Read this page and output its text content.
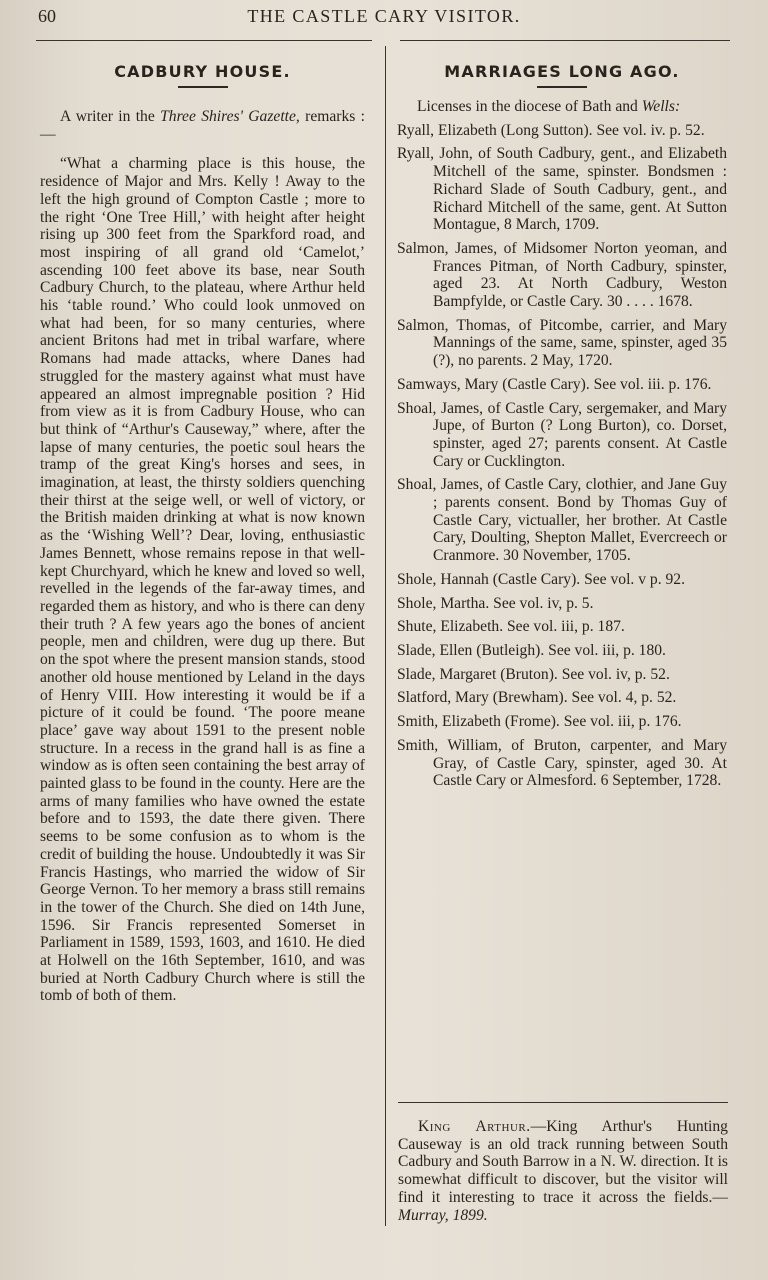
60	THE CASTLE CARY VISITOR.
CADBURY HOUSE.

A writer in the Three Shires' Gazette, remarks :—

“What a charming place is this house, the residence of Major and Mrs. Kelly ! Away to the left the high ground of Compton Castle ; more to the right ‘One Tree Hill,’ with height after height rising up 300 feet from the Sparkford road, and most inspiring of all grand old ‘Camelot,’ ascending 100 feet above its base, near South Cadbury Church, to the plateau, where Arthur held his ‘table round.’ Who could look unmoved on what had been, for so many centuries, where ancient Britons had met in tribal warfare, where Romans had made attacks, where Danes had struggled for the mastery against what must have appeared an almost impregnable position ? Hid from view as it is from Cadbury House, who can but think of “Arthur's Causeway,” where, after the lapse of many centuries, the poetic soul hears the tramp of the great King's horses and sees, in imagination, at least, the thirsty soldiers quenching their thirst at the seige well, or well of victory, or the British maiden drinking at what is now known as the ‘Wishing Well’? Dear, loving, enthusiastic James Bennett, whose remains repose in that well-kept Churchyard, which he knew and loved so well, revelled in the legends of the far-away times, and regarded them as history, and who is there can deny their truth ? A few years ago the bones of ancient people, men and children, were dug up there. But on the spot where the present mansion stands, stood another old house mentioned by Leland in the days of Henry VIII. How interesting it would be if a picture of it could be found. ‘The poore meane place’ gave way about 1591 to the present noble structure. In a recess in the grand hall is as fine a window as is often seen containing the best array of painted glass to be found in the county. Here are the arms of many families who have owned the estate before and to 1593, the date there given. There seems to be some confusion as to whom is the credit of building the house. Undoubtedly it was Sir Francis Hastings, who married the widow of Sir George Vernon. To her memory a brass still remains in the tower of the Church. She died on 14th June, 1596. Sir Francis represented Somerset in Parliament in 1589, 1593, 1603, and 1610. He died at Holwell on the 16th September, 1610, and was buried at North Cadbury Church where is still the tomb of both of them.

MARRIAGES LONG AGO.

Licenses in the diocese of Bath and Wells:

Ryall, Elizabeth (Long Sutton). See vol. iv. p. 52.

Ryall, John, of South Cadbury, gent., and Elizabeth Mitchell of the same, spinster. Bondsmen : Richard Slade of South Cadbury, gent., and Richard Mitchell of the same, gent. At Sutton Montague, 8 March, 1709.

Salmon, James, of Midsomer Norton yeoman, and Frances Pitman, of North Cadbury, spinster, aged 23. At North Cadbury, Weston Bampfylde, or Castle Cary. 30 . . . . 1678.

Salmon, Thomas, of Pitcombe, carrier, and Mary Mannings of the same, same, spinster, aged 35 (?), no parents. 2 May, 1720.

Samways, Mary (Castle Cary). See vol. iii. p. 176.

Shoal, James, of Castle Cary, sergemaker, and Mary Jupe, of Burton (? Long Burton), co. Dorset, spinster, aged 27; parents consent. At Castle Cary or Cucklington.

Shoal, James, of Castle Cary, clothier, and Jane Guy ; parents consent. Bond by Thomas Guy of Castle Cary, victualler, her brother. At Castle Cary, Doulting, Shepton Mallet, Evercreech or Cranmore. 30 November, 1705.

Shole, Hannah (Castle Cary). See vol. v p. 92.

Shole, Martha. See vol. iv, p. 5.

Shute, Elizabeth. See vol. iii, p. 187.

Slade, Ellen (Butleigh). See vol. iii, p. 180.

Slade, Margaret (Bruton). See vol. iv, p. 52.

Slatford, Mary (Brewham). See vol. 4, p. 52.

Smith, Elizabeth (Frome). See vol. iii, p. 176.

Smith, William, of Bruton, carpenter, and Mary Gray, of Castle Cary, spinster, aged 30. At Castle Cary or Almesford. 6 September, 1728.

King Arthur.—King Arthur's Hunting Causeway is an old track running between South Cadbury and South Barrow in a N. W. direction. It is somewhat difficult to discover, but the visitor will find it interesting to trace it across the fields.—Murray, 1899.
